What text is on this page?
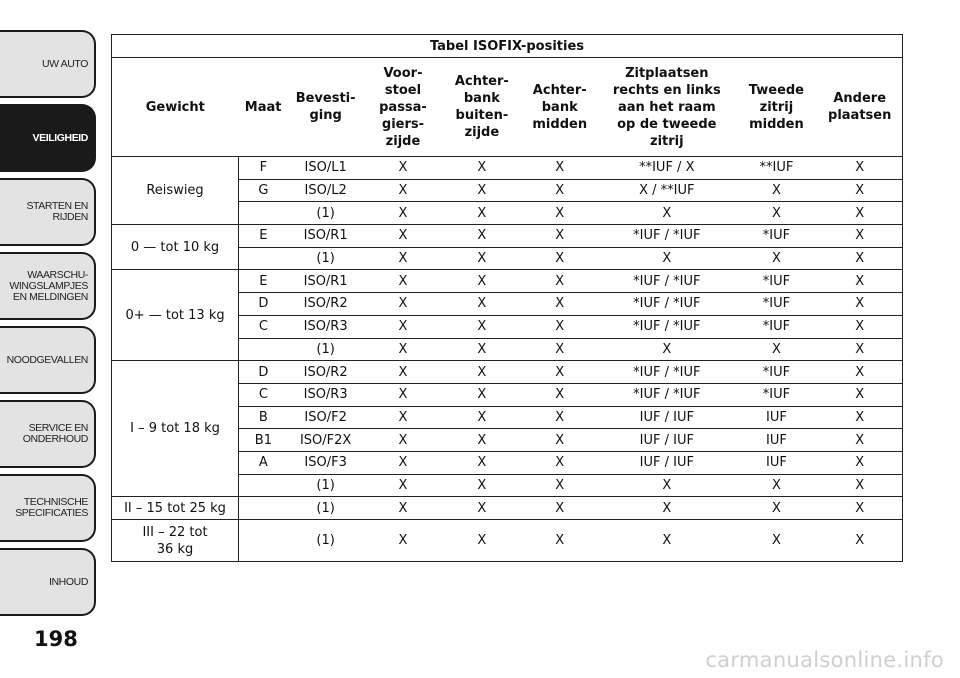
UW AUTO
VEILIGHEID
STARTEN EN
RIJDEN
WAARSCHU-
WINGSLAMPJES
EN MELDINGEN
NOODGEVALLEN
SERVICE EN
ONDERHOUD
TECHNISCHE
SPECIFICATIES
INHOUD
198
Tabel ISOFIX-posities								
Gewicht	Maat	Bevesti-
ging	Voor-
stoel
passa-
giers-
zijde	Achter-
bank
buiten-
zijde	Achter-
bank
midden	Zitplaatsen
rechts en links
aan het raam
op de tweede
zitrij	Tweede
zitrij
midden	Andere
plaatsen
Reiswieg	F	ISO/L1	X	X	X	**IUF / X	**IUF	X
	G	ISO/L2	X	X	X	X / **IUF	X	X
		(1)	X	X	X	X	X	X
0 — tot 10 kg	E	ISO/R1	X	X	X	*IUF / *IUF	*IUF	X
		(1)	X	X	X	X	X	X
0+ — tot 13 kg	E	ISO/R1	X	X	X	*IUF / *IUF	*IUF	X
	D	ISO/R2	X	X	X	*IUF / *IUF	*IUF	X
	C	ISO/R3	X	X	X	*IUF / *IUF	*IUF	X
		(1)	X	X	X	X	X	X
I – 9 tot 18 kg	D	ISO/R2	X	X	X	*IUF / *IUF	*IUF	X
	C	ISO/R3	X	X	X	*IUF / *IUF	*IUF	X
	B	ISO/F2	X	X	X	IUF / IUF	IUF	X
	B1	ISO/F2X	X	X	X	IUF / IUF	IUF	X
	A	ISO/F3	X	X	X	IUF / IUF	IUF	X
		(1)	X	X	X	X	X	X
II – 15 tot 25 kg		(1)	X	X	X	X	X	X
III – 22 tot
36 kg		(1)	X	X	X	X	X	X
carmanualsonline.info
